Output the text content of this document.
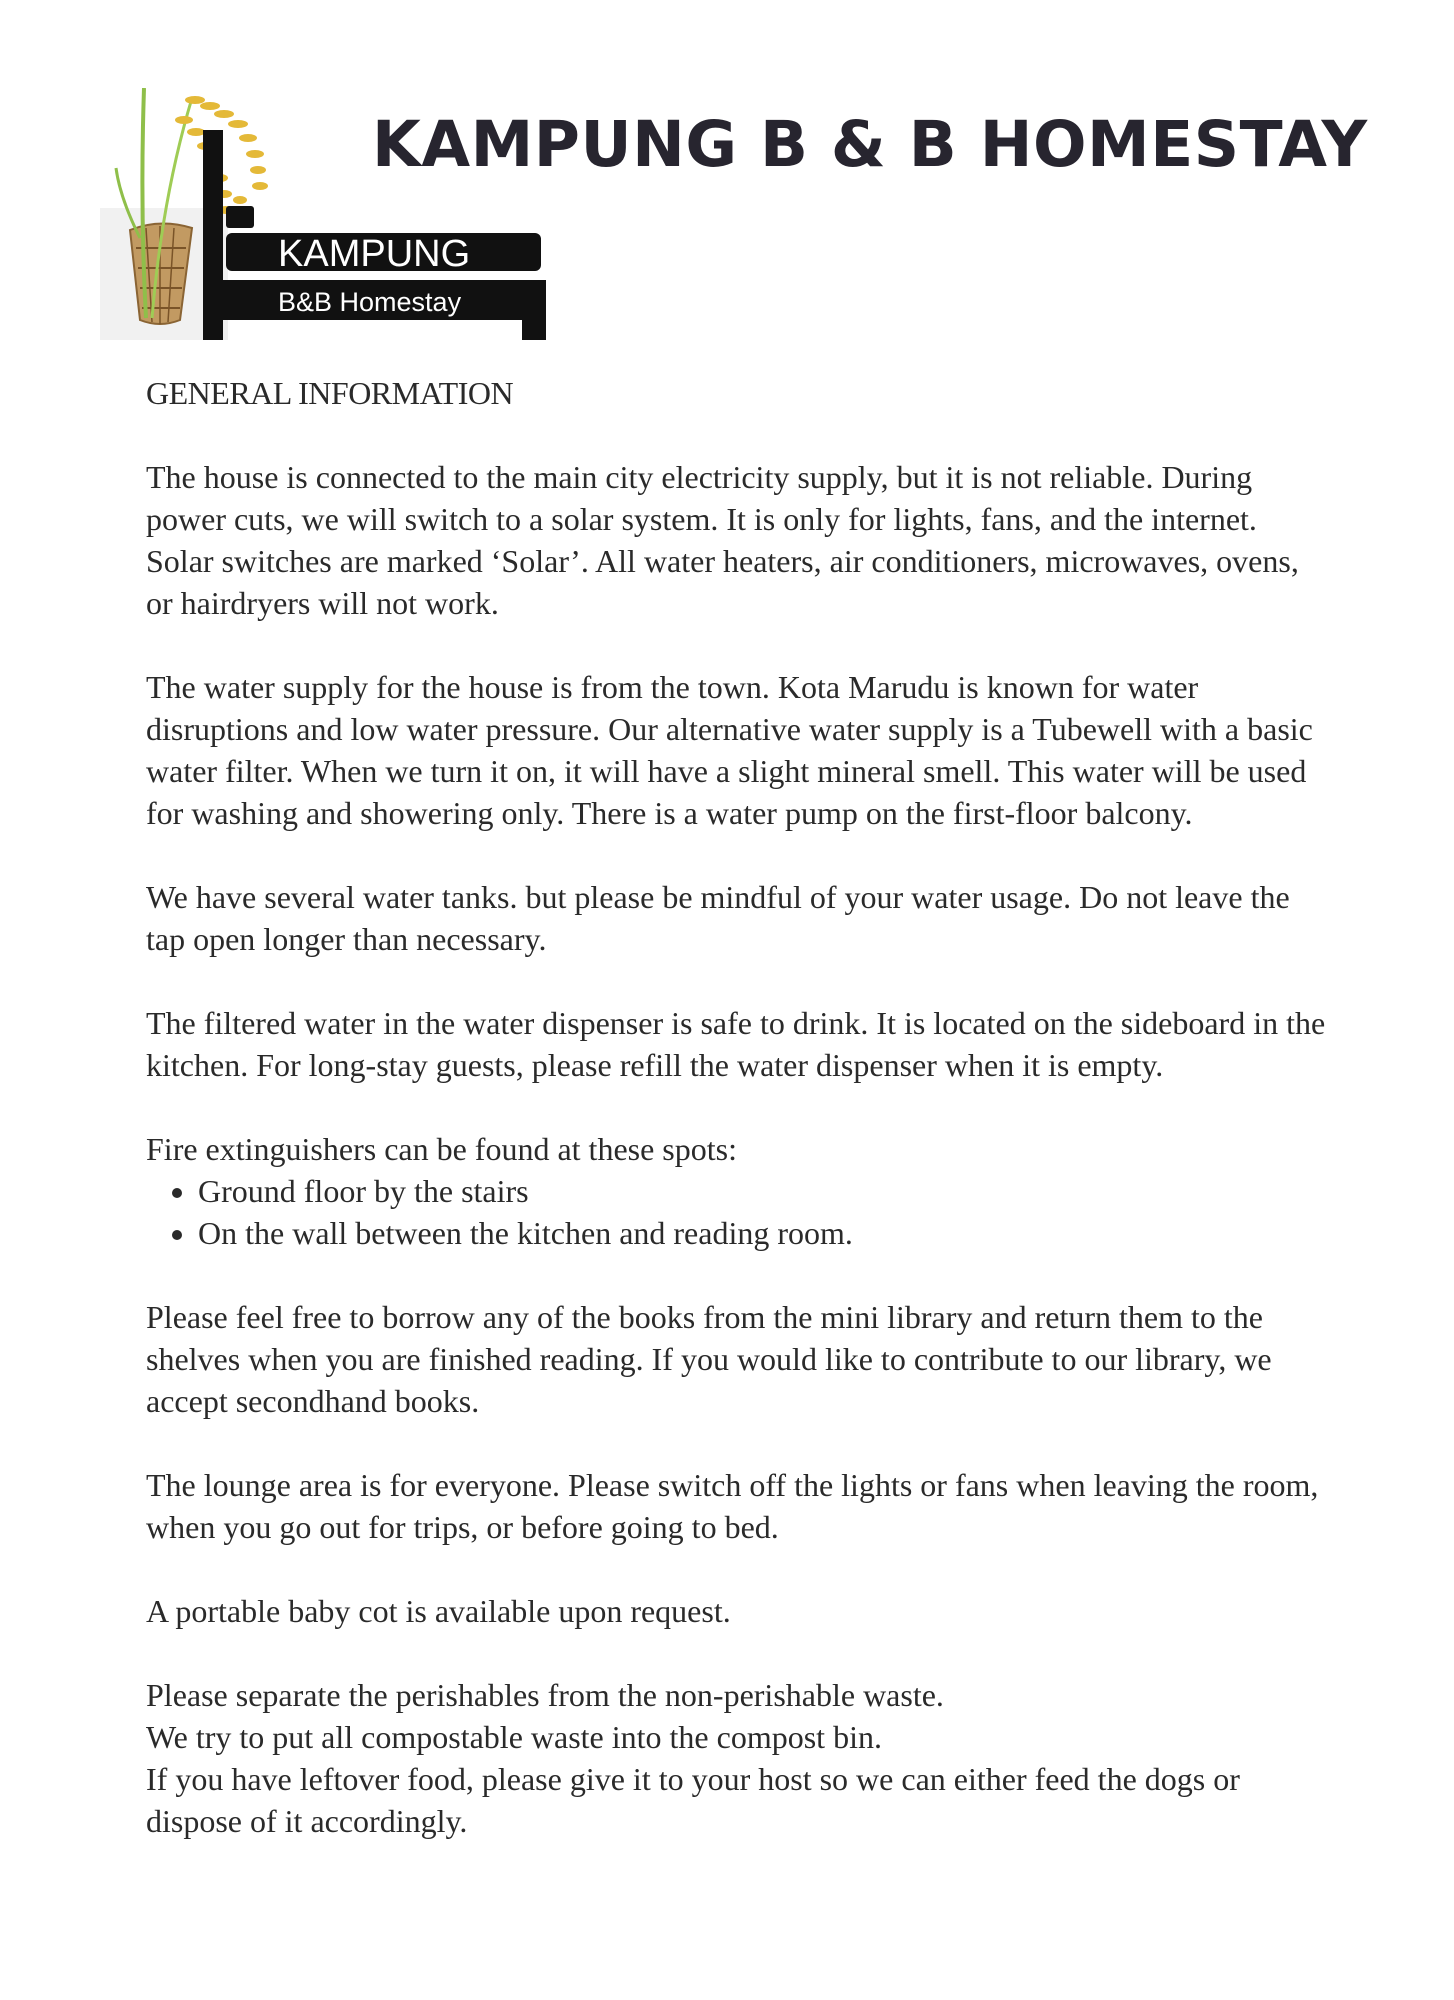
KAMPUNG
B&B Homestay
KAMPUNG B & B HOMESTAY
GENERAL INFORMATION

The house is connected to the main city electricity supply, but it is not reliable. During power cuts, we will switch to a solar system. It is only for lights, fans, and the internet. Solar switches are marked ‘Solar’. All water heaters, air conditioners, microwaves, ovens, or hairdryers will not work.

The water supply for the house is from the town. Kota Marudu is known for water disruptions and low water pressure. Our alternative water supply is a Tubewell with a basic water filter. When we turn it on, it will have a slight mineral smell. This water will be used for washing and showering only. There is a water pump on the first-floor balcony.

We have several water tanks. but please be mindful of your water usage. Do not leave the tap open longer than necessary.

The filtered water in the water dispenser is safe to drink. It is located on the sideboard in the kitchen. For long-stay guests, please refill the water dispenser when it is empty.

Fire extinguishers can be found at these spots:

• Ground floor by the stairs
• On the wall between the kitchen and reading room.

Please feel free to borrow any of the books from the mini library and return them to the shelves when you are finished reading. If you would like to contribute to our library, we accept secondhand books.

The lounge area is for everyone. Please switch off the lights or fans when leaving the room, when you go out for trips, or before going to bed.

A portable baby cot is available upon request.

Please separate the perishables from the non-perishable waste.
We try to put all compostable waste into the compost bin.
If you have leftover food, please give it to your host so we can either feed the dogs or dispose of it accordingly.
